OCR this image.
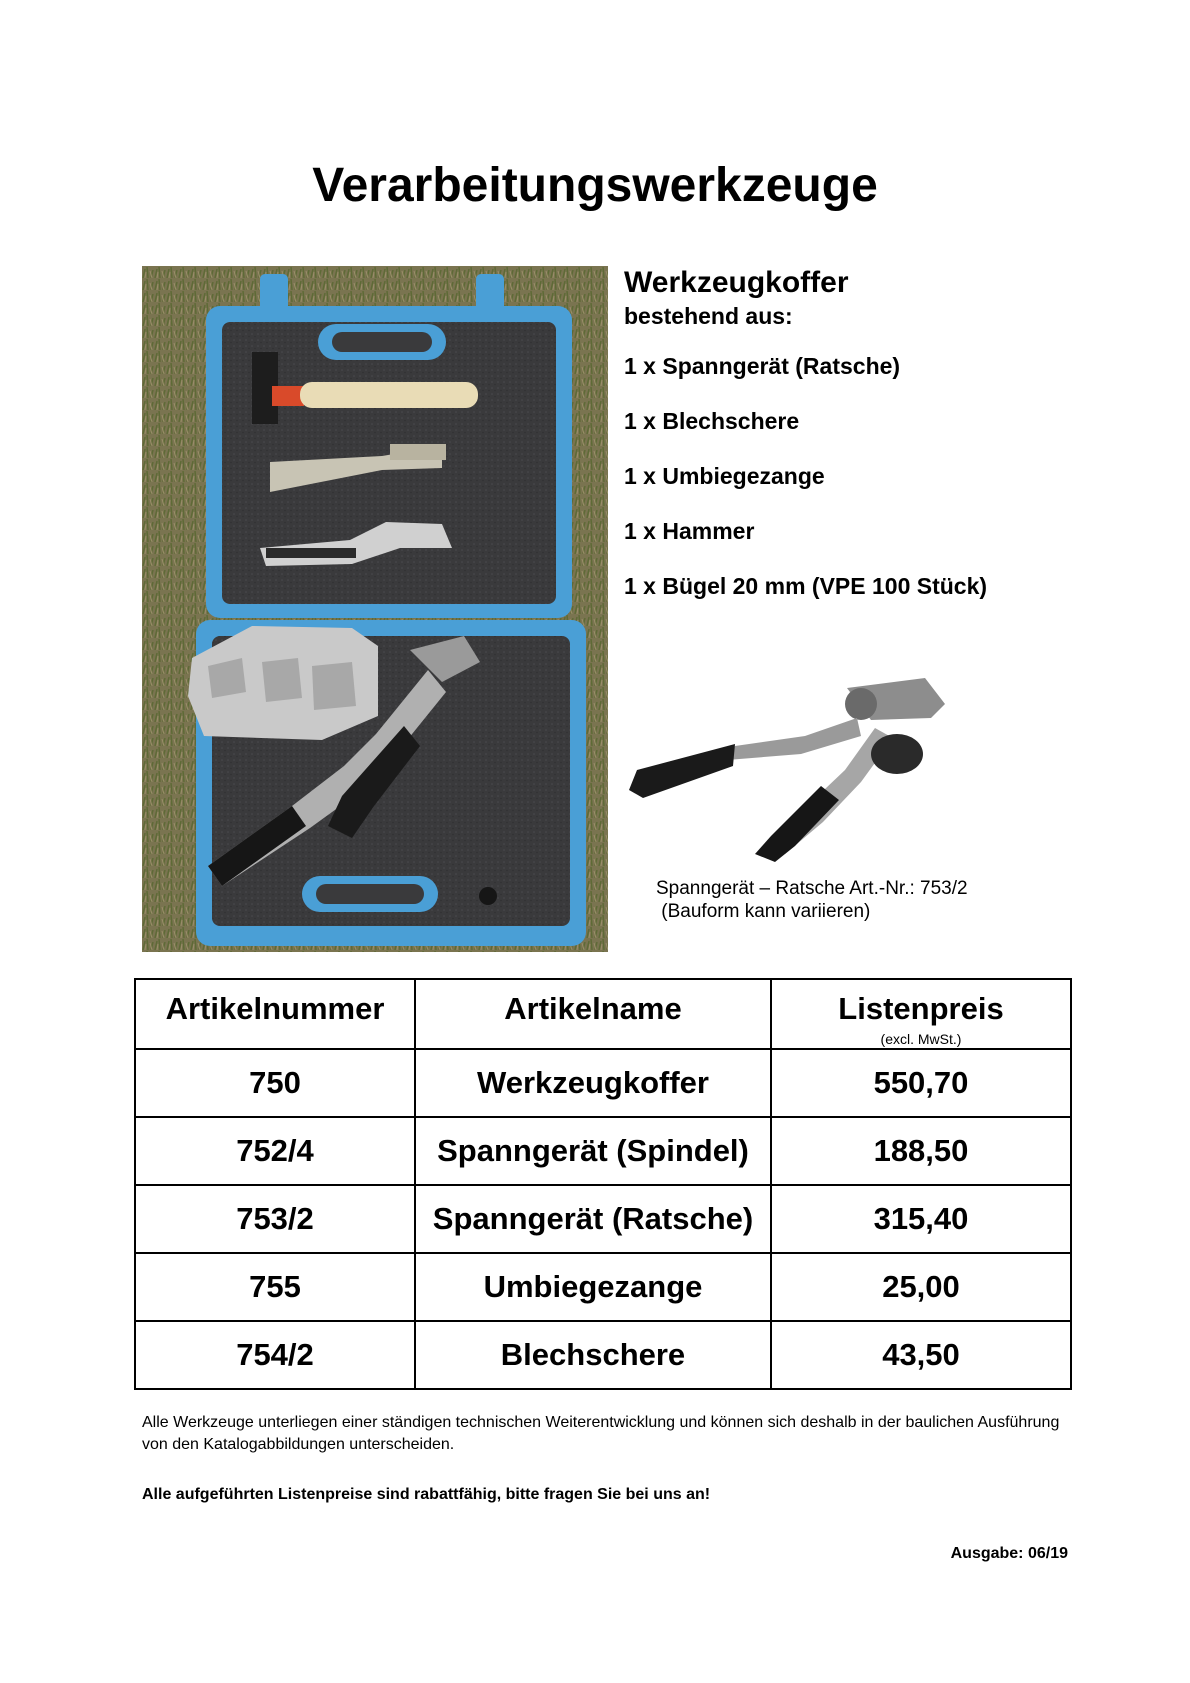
Verarbeitungswerkzeuge
Werkzeugkoffer
bestehend aus:
1 x Spanngerät (Ratsche)
1 x Blechschere
1 x Umbiegezange
1 x Hammer
1 x Bügel 20 mm (VPE 100 Stück)
Spanngerät – Ratsche Art.-Nr.: 753/2
(Bauform kann variieren)
Artikelnummer	Artikelname	Listenpreis
(excl. MwSt.)

750	Werkzeugkoffer	550,70
752/4	Spanngerät (Spindel)	188,50
753/2	Spanngerät (Ratsche)	315,40
755	Umbiegezange	25,00
754/2	Blechschere	43,50
Alle Werkzeuge unterliegen einer ständigen technischen Weiterentwicklung und können sich deshalb in der baulichen Ausführung von den Katalogabbildungen unterscheiden.
Alle aufgeführten Listenpreise sind rabattfähig, bitte fragen Sie bei uns an!
Ausgabe: 06/19
